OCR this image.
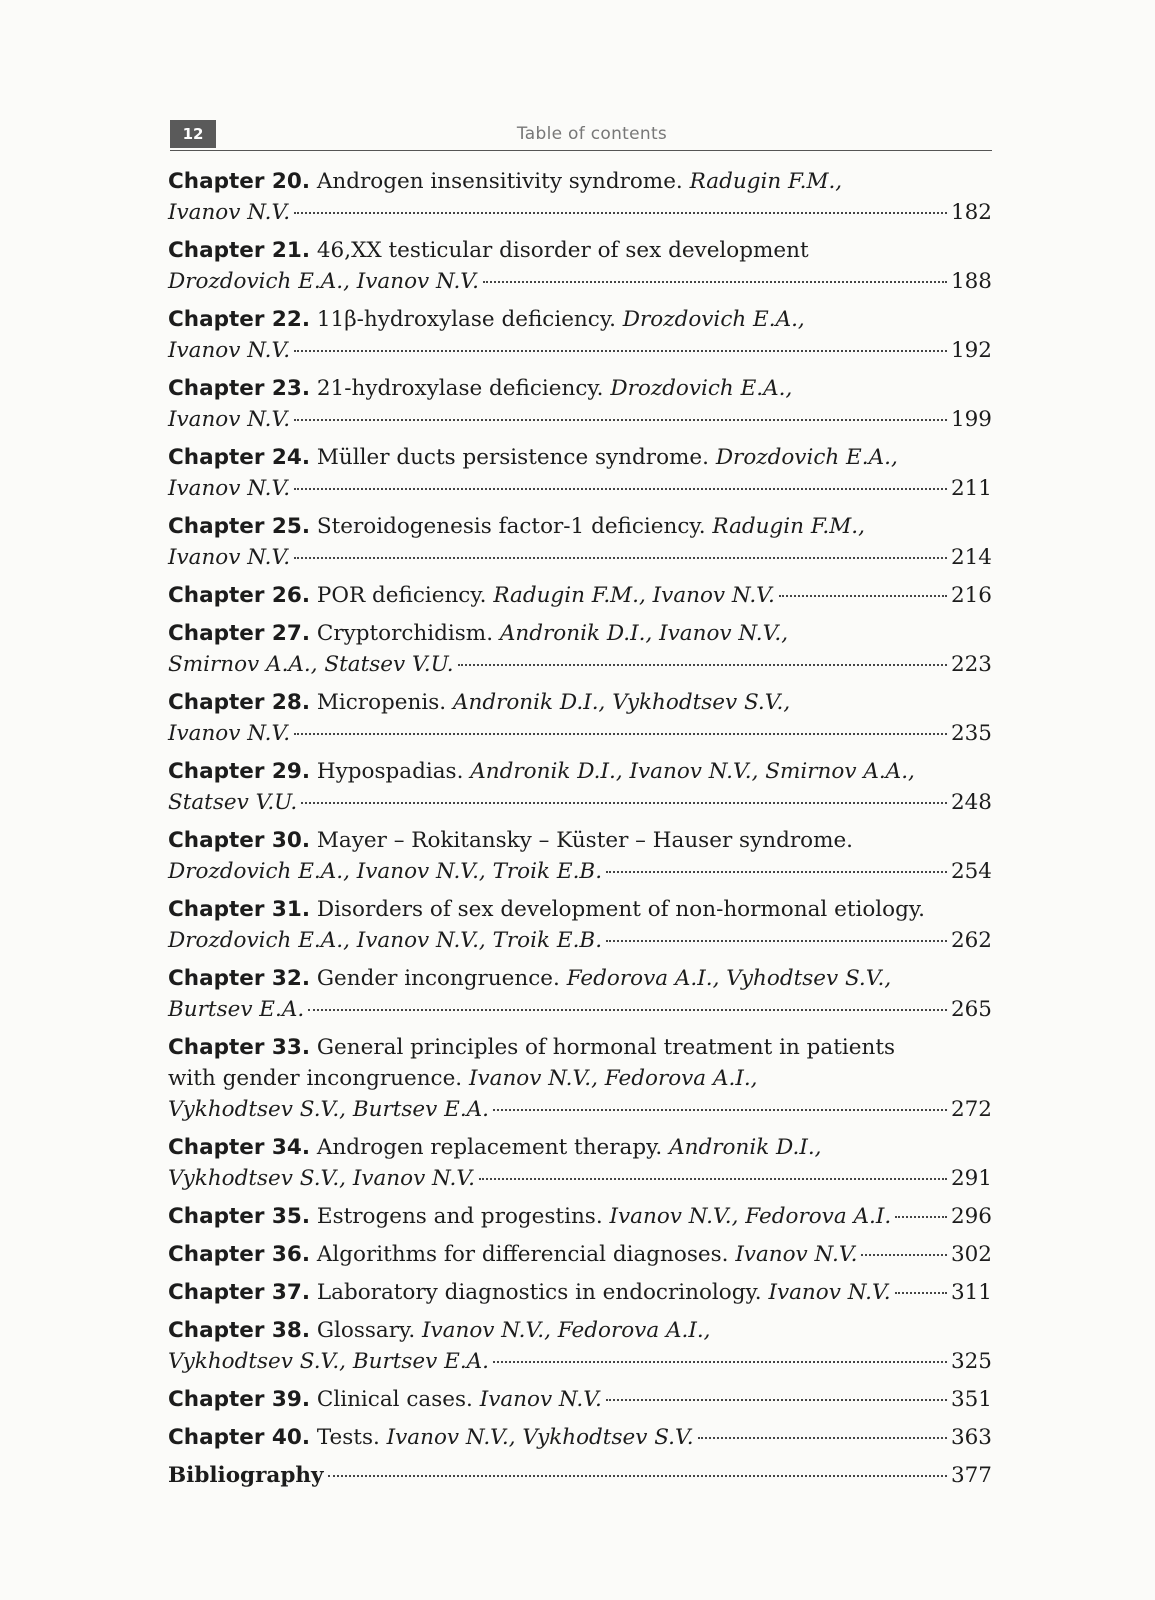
12	Table of contents
Chapter 20.
Androgen insensitivity syndrome.
Radugin F.M.,
Ivanov N.V.	182
Chapter 21.
46,XX testicular disorder of sex development
Drozdovich E.A., Ivanov N.V.	188
Chapter 22.
11β-hydroxylase deficiency.
Drozdovich E.A.,
Ivanov N.V.	192
Chapter 23.
21-hydroxylase deficiency.
Drozdovich E.A.,
Ivanov N.V.	199
Chapter 24.
Müller ducts persistence syndrome.
Drozdovich E.A.,
Ivanov N.V.	211
Chapter 25.
Steroidogenesis factor-1 deficiency.
Radugin F.M.,
Ivanov N.V.	214
Chapter 26.
POR deficiency.
Radugin F.M., Ivanov N.V.	216
Chapter 27.
Cryptorchidism.
Andronik D.I., Ivanov N.V.,
Smirnov A.A., Statsev V.U.	223
Chapter 28.
Micropenis.
Andronik D.I., Vykhodtsev S.V.,
Ivanov N.V.	235
Chapter 29.
Hypospadias.
Andronik D.I., Ivanov N.V., Smirnov A.A.,
Statsev V.U.	248
Chapter 30.
Mayer – Rokitansky – Küster – Hauser syndrome.
Drozdovich E.A., Ivanov N.V., Troik E.B.	254
Chapter 31.
Disorders of sex development of non-hormonal etiology.
Drozdovich E.A., Ivanov N.V., Troik E.B.	262
Chapter 32.
Gender incongruence.
Fedorova A.I., Vyhodtsev S.V.,
Burtsev E.A.	265
Chapter 33.
General principles of hormonal treatment in patients
with gender incongruence.
Ivanov N.V., Fedorova A.I.,
Vykhodtsev S.V., Burtsev E.A.	272
Chapter 34.
Androgen replacement therapy.
Andronik D.I.,
Vykhodtsev S.V., Ivanov N.V.	291
Chapter 35.
Estrogens and progestins.
Ivanov N.V., Fedorova A.I.	296
Chapter 36.
Algorithms for differencial diagnoses.
Ivanov N.V.	302
Chapter 37.
Laboratory diagnostics in endocrinology.
Ivanov N.V.	311
Chapter 38.
Glossary.
Ivanov N.V., Fedorova A.I.,
Vykhodtsev S.V., Burtsev E.A.	325
Chapter 39.
Clinical cases.
Ivanov N.V.	351
Chapter 40.
Tests.
Ivanov N.V., Vykhodtsev S.V.	363
Bibliography	377
